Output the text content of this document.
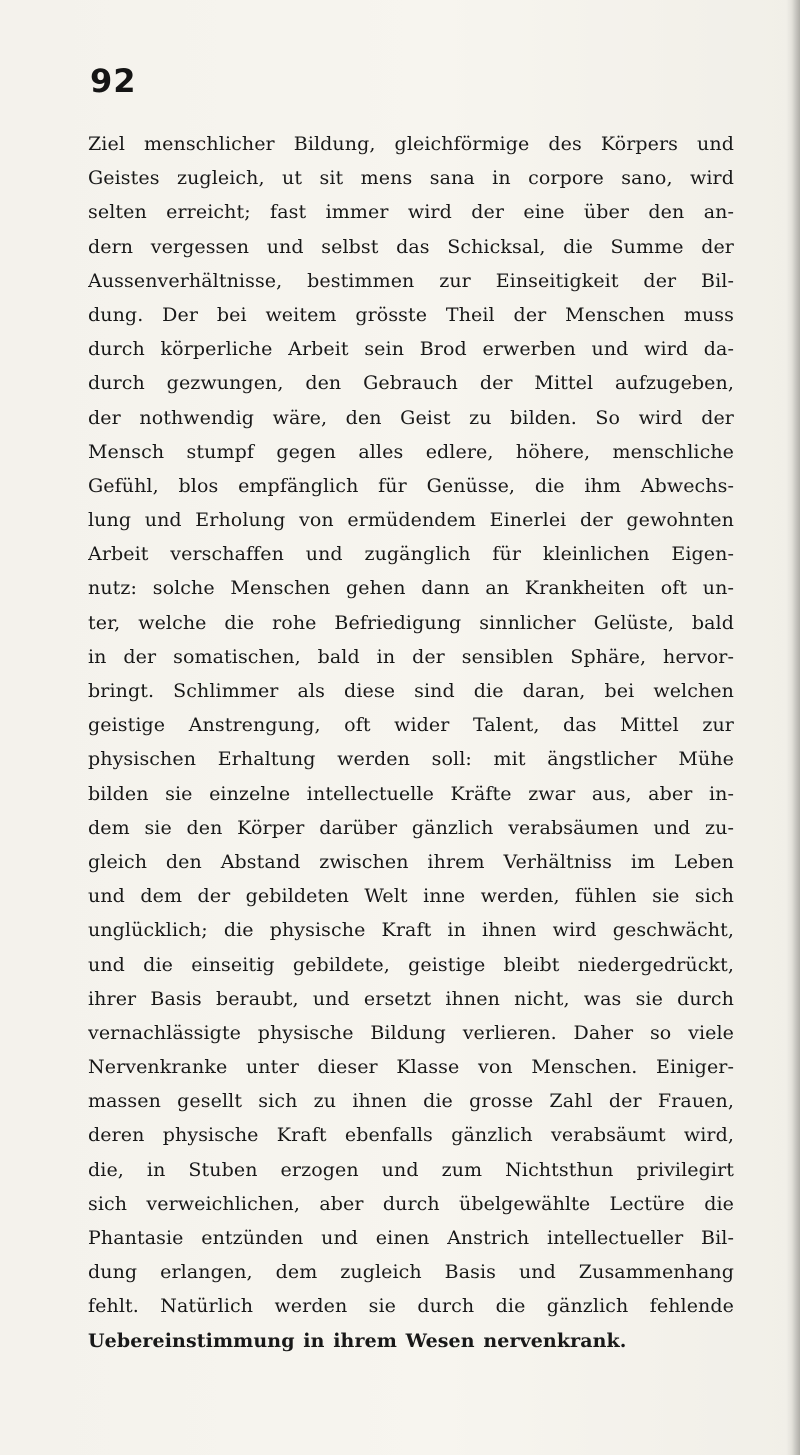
92
Ziel menschlicher Bildung, gleichförmige des Körpers und
Geistes zugleich, ut sit mens sana in corpore sano, wird
selten erreicht; fast immer wird der eine über den an-
dern vergessen und selbst das Schicksal, die Summe der
Aussenverhältnisse, bestimmen zur Einseitigkeit der Bil-
dung. Der bei weitem grösste Theil der Menschen muss
durch körperliche Arbeit sein Brod erwerben und wird da-
durch gezwungen, den Gebrauch der Mittel aufzugeben,
der nothwendig wäre, den Geist zu bilden. So wird der
Mensch stumpf gegen alles edlere, höhere, menschliche
Gefühl, blos empfänglich für Genüsse, die ihm Abwechs-
lung und Erholung von ermüdendem Einerlei der gewohnten
Arbeit verschaffen und zugänglich für kleinlichen Eigen-
nutz: solche Menschen gehen dann an Krankheiten oft un-
ter, welche die rohe Befriedigung sinnlicher Gelüste, bald
in der somatischen, bald in der sensiblen Sphäre, hervor-
bringt. Schlimmer als diese sind die daran, bei welchen
geistige Anstrengung, oft wider Talent, das Mittel zur
physischen Erhaltung werden soll: mit ängstlicher Mühe
bilden sie einzelne intellectuelle Kräfte zwar aus, aber in-
dem sie den Körper darüber gänzlich verabsäumen und zu-
gleich den Abstand zwischen ihrem Verhältniss im Leben
und dem der gebildeten Welt inne werden, fühlen sie sich
unglücklich; die physische Kraft in ihnen wird geschwächt,
und die einseitig gebildete, geistige bleibt niedergedrückt,
ihrer Basis beraubt, und ersetzt ihnen nicht, was sie durch
vernachlässigte physische Bildung verlieren. Daher so viele
Nervenkranke unter dieser Klasse von Menschen. Einiger-
massen gesellt sich zu ihnen die grosse Zahl der Frauen,
deren physische Kraft ebenfalls gänzlich verabsäumt wird,
die, in Stuben erzogen und zum Nichtsthun privilegirt
sich verweichlichen, aber durch übelgewählte Lectüre die
Phantasie entzünden und einen Anstrich intellectueller Bil-
dung erlangen, dem zugleich Basis und Zusammenhang
fehlt. Natürlich werden sie durch die gänzlich fehlende
Uebereinstimmung in ihrem Wesen nervenkrank.
